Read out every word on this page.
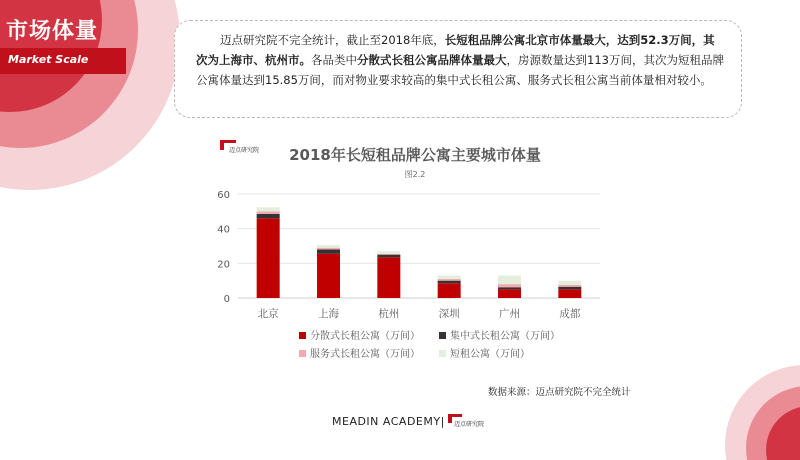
市场体量
Market Scale
迈点研究院不完全统计，截止至2018年底，长短租品牌公寓北京市体量最大，达到52.3万间，其次为上海市、杭州市。各品类中分散式长租公寓品牌体量最大，房源数量达到113万间，其次为短租品牌公寓体量达到15.85万间，而对物业要求较高的集中式长租公寓、服务式长租公寓当前体量相对较小。
迈点研究院 2018年长短租品牌公寓主要城市体量
图2.2
北京	上海	杭州	深圳	广州	成都
0
20
40
60
分散式长租公寓（万间）	集中式长租公寓（万间）
服务式长租公寓（万间）	短租公寓（万间）
数据来源：迈点研究院不完全统计
MEADIN ACADEMY| 迈点研究院
